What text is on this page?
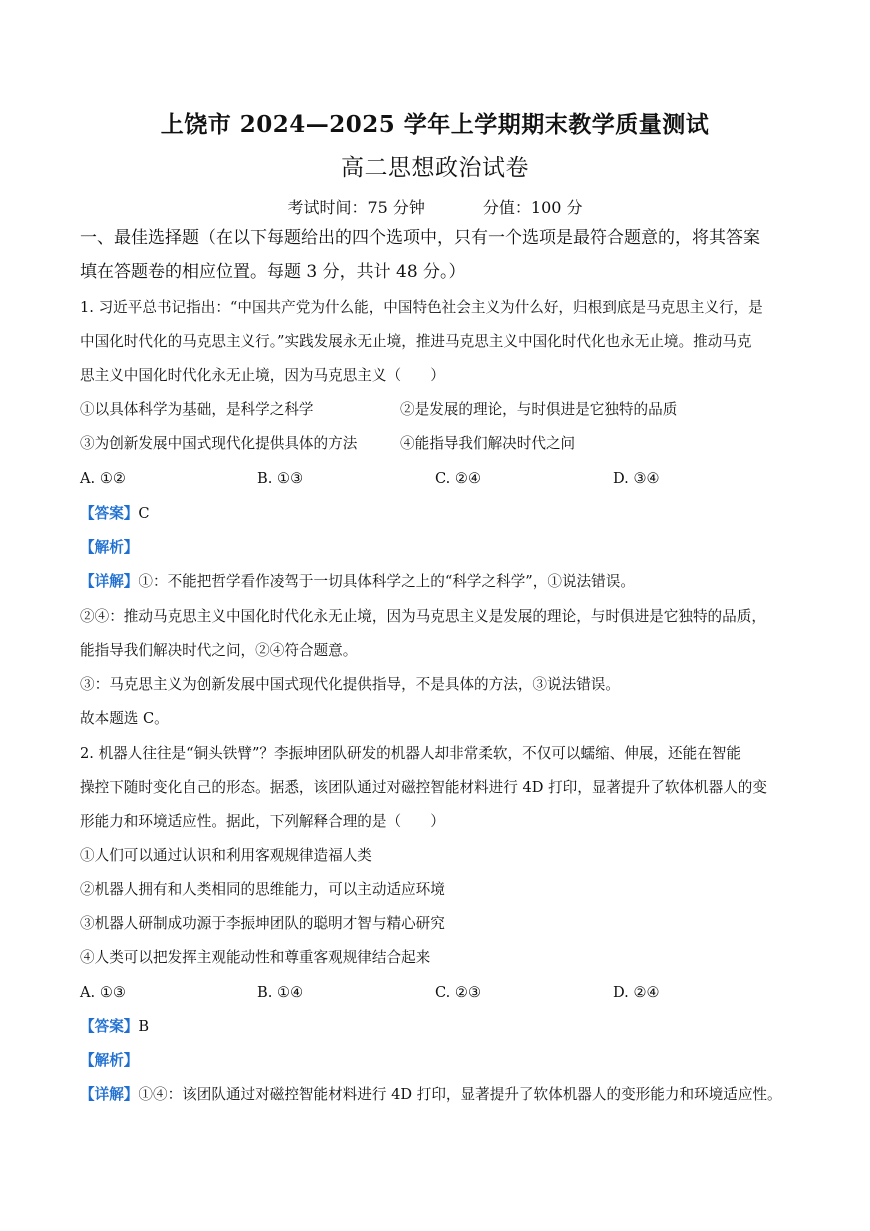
上饶市 2024—2025 学年上学期期末教学质量测试
高二思想政治试卷
考试时间：75 分钟	分值：100 分
一、最佳选择题（在以下每题给出的四个选项中，只有一个选项是最符合题意的，将其答案
填在答题卷的相应位置。每题 3 分，共计 48 分。）
1. 习近平总书记指出：“中国共产党为什么能，中国特色社会主义为什么好，归根到底是马克思主义行，是
中国化时代化的马克思主义行。”实践发展永无止境，推进马克思主义中国化时代化也永无止境。推动马克
思主义中国化时代化永无止境，因为马克思主义（　　）
①以具体科学为基础，是科学之科学	②是发展的理论，与时俱进是它独特的品质
③为创新发展中国式现代化提供具体的方法	④能指导我们解决时代之问
A. ①②	B. ①③	C. ②④	D. ③④
【答案】C
【解析】
【详解】①：不能把哲学看作凌驾于一切具体科学之上的“科学之科学”，①说法错误。
②④：推动马克思主义中国化时代化永无止境，因为马克思主义是发展的理论，与时俱进是它独特的品质，
能指导我们解决时代之问，②④符合题意。
③：马克思主义为创新发展中国式现代化提供指导，不是具体的方法，③说法错误。
故本题选 C。
2. 机器人往往是“铜头铁臂”？李振坤团队研发的机器人却非常柔软，不仅可以蠕缩、伸展，还能在智能
操控下随时变化自己的形态。据悉，该团队通过对磁控智能材料进行 4D 打印，显著提升了软体机器人的变
形能力和环境适应性。据此，下列解释合理的是（　　）
①人们可以通过认识和利用客观规律造福人类
②机器人拥有和人类相同的思维能力，可以主动适应环境
③机器人研制成功源于李振坤团队的聪明才智与精心研究
④人类可以把发挥主观能动性和尊重客观规律结合起来
A. ①③	B. ①④	C. ②③	D. ②④
【答案】B
【解析】
【详解】①④：该团队通过对磁控智能材料进行 4D 打印，显著提升了软体机器人的变形能力和环境适应性。
